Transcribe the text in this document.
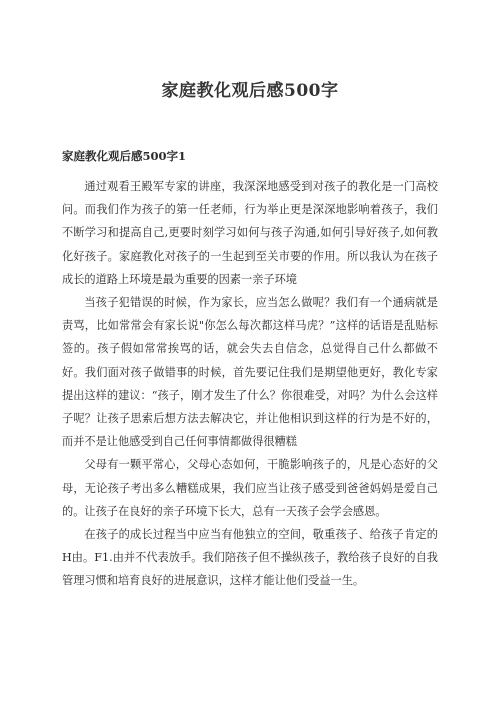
家庭教化观后感500字
家庭教化观后感500字1

通过观看王殿军专家的讲座，我深深地感受到对孩子的教化是一门高校问。而我们作为孩子的第一任老师，行为举止更是深深地影响着孩子，我们不断学习和提高自己,更要时刻学习如何与孩子沟通,如何引导好孩子,如何教化好孩子。家庭教化对孩子的一生起到至关市要的作用。所以我认为在孩子成长的道路上环境是最为重要的因素一亲子环境

当孩子犯错误的时候，作为家长，应当怎么做呢？我们有一个通病就是责骂，比如常常会有家长说"你怎么每次都这样马虎？”这样的话语是乱贴标签的。孩子假如常常挨骂的话，就会失去自信念，总觉得自己什么都做不好。我们面对孩子做错事的时候，首先要记住我们是期望他更好，教化专家提出这样的建议：“孩子，刚才发生了什么？你很难受，对吗？为什么会这样子呢？让孩子思索后想方法去解决它，并让他相识到这样的行为是不好的，而并不是让他感受到自己任何事情都做得很糟糕

父母有一颗平常心，父母心态如何，干脆影响孩子的，凡是心态好的父母，无论孩子考出多么糟糕成果，我们应当让孩子感受到爸爸妈妈是爱自己的。让孩子在良好的亲子环境下长大，总有一天孩子会学会感恩。

在孩子的成长过程当中应当有他独立的空间，敬重孩子、给孩子肯定的H由。F1.由并不代表放手。我们陪孩子但不操纵孩子，教给孩子良好的自我管理习惯和培育良好的进展意识，这样才能让他们受益一生。
